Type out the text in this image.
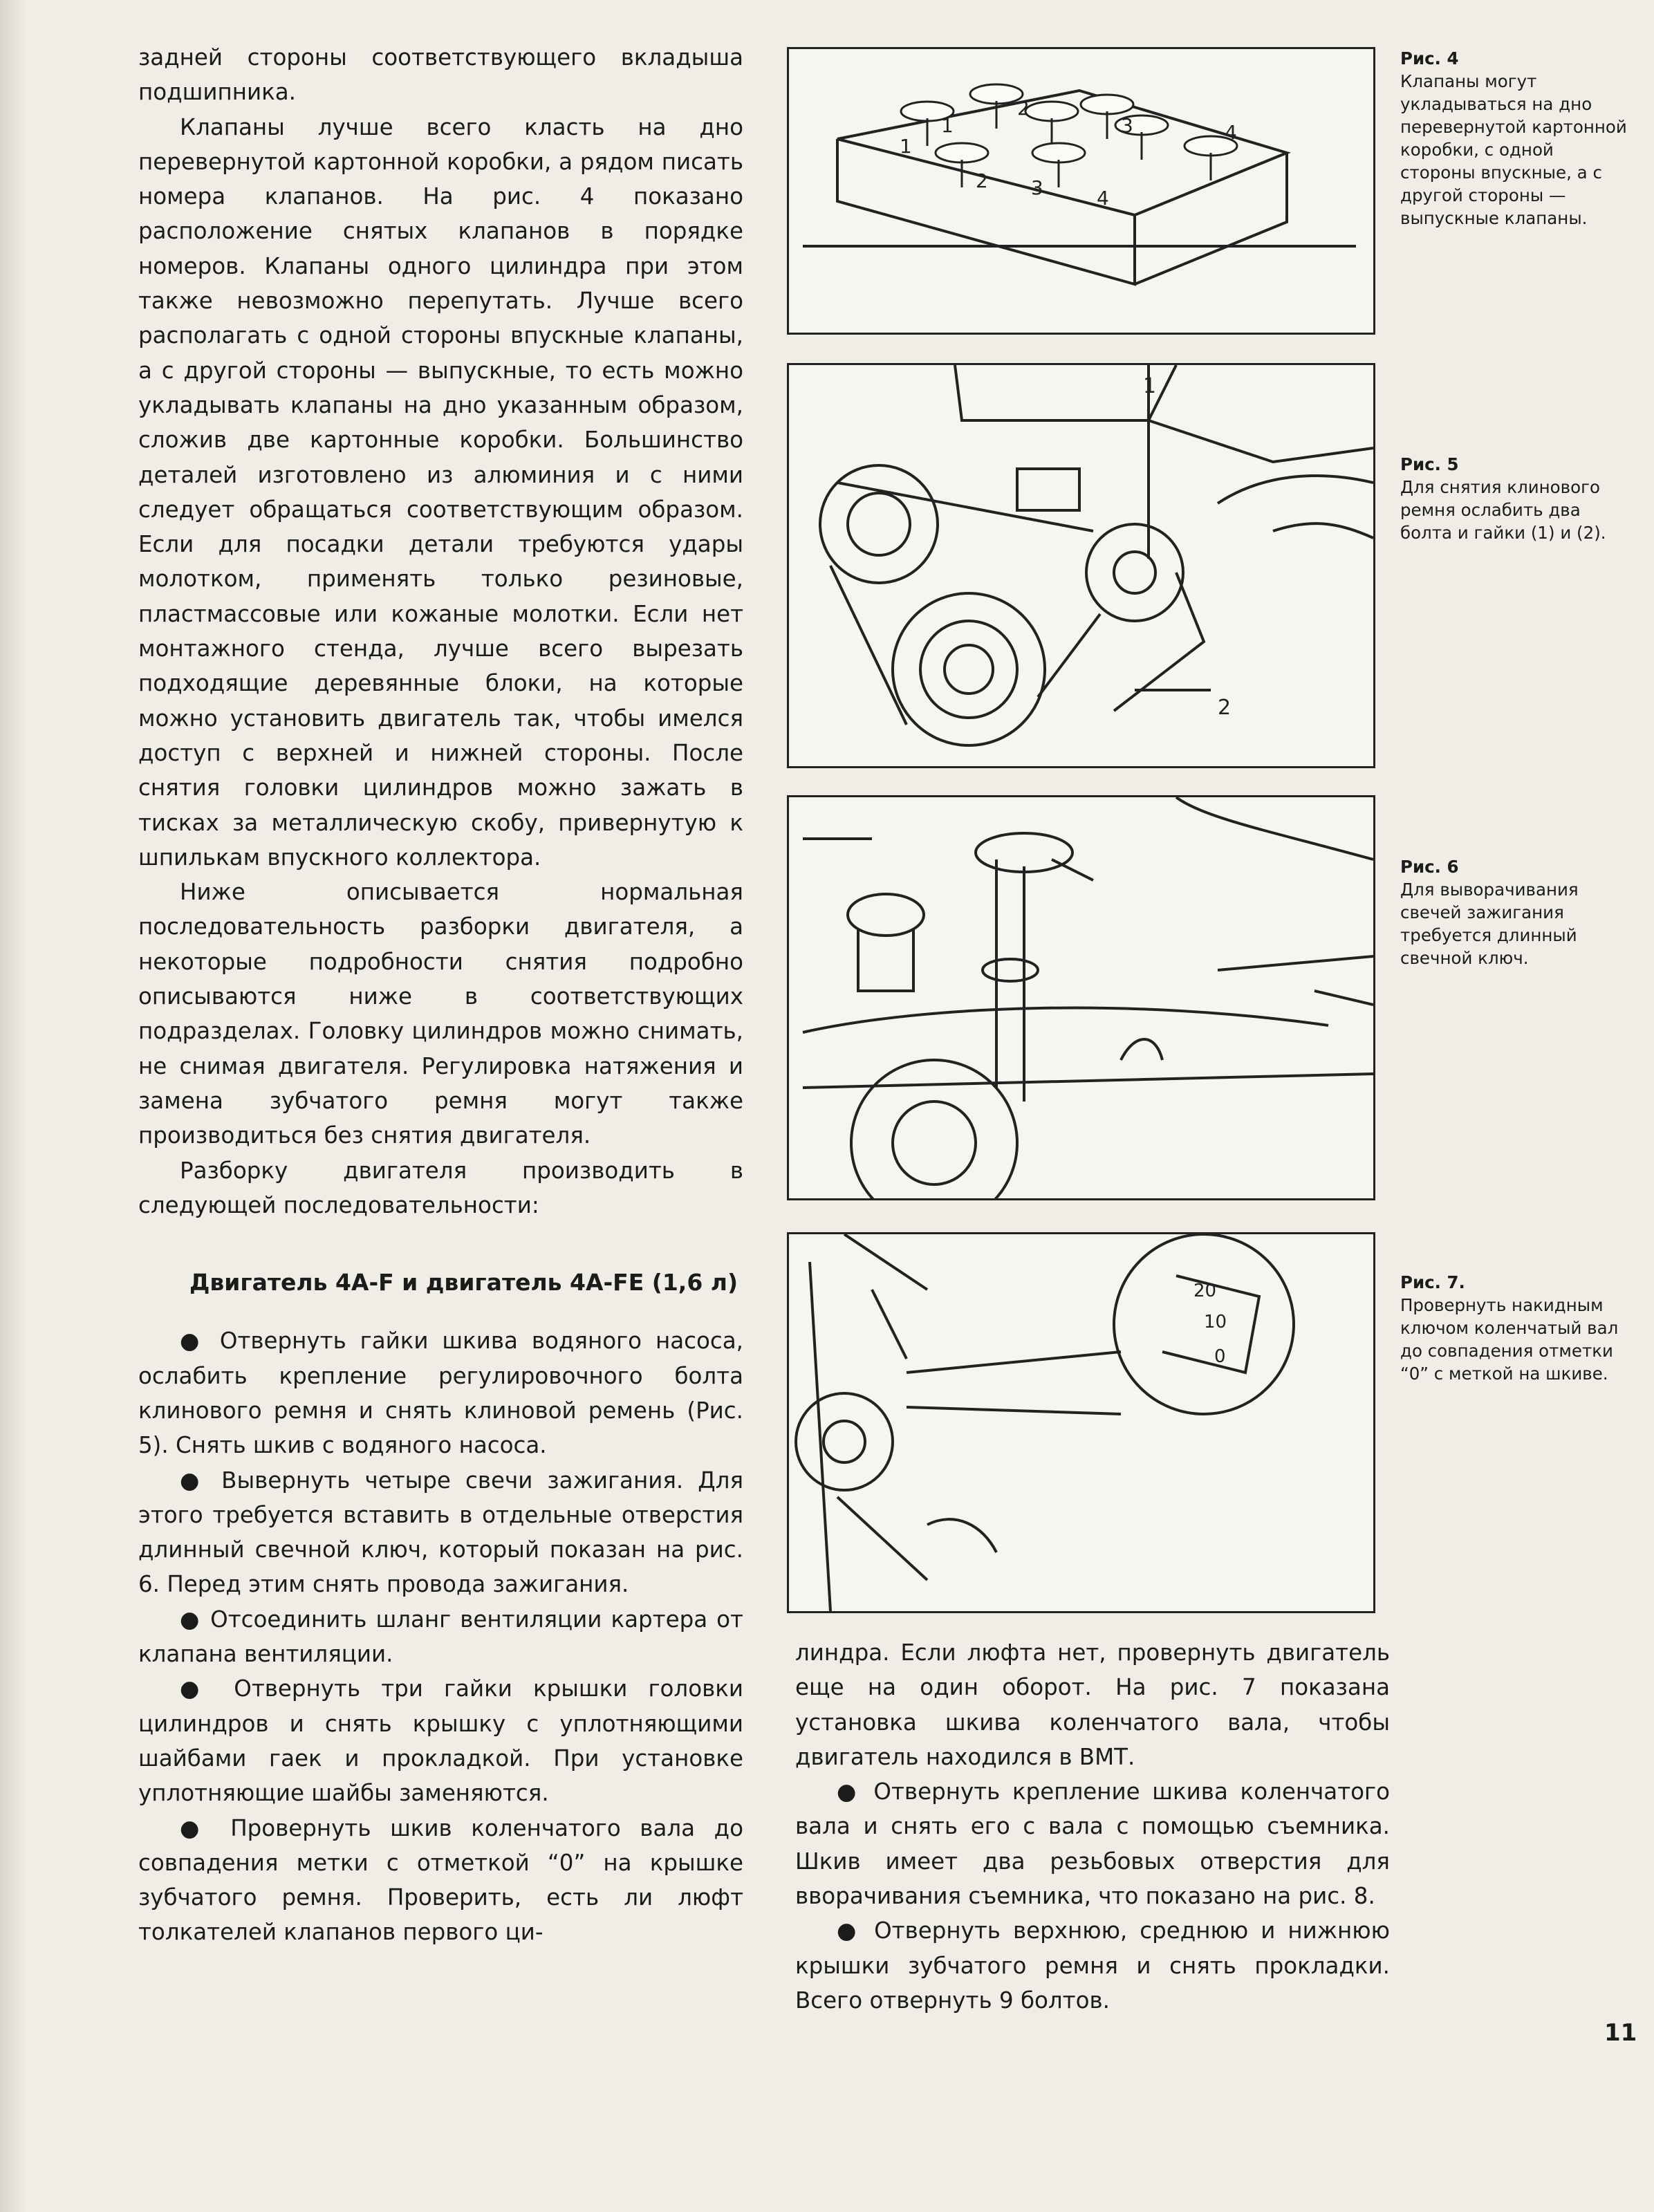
задней стороны соответствующего вкладыша подшипника.

Клапаны лучше всего класть на дно перевернутой картонной коробки, а рядом писать номера клапанов. На рис. 4 показано расположение снятых клапанов в порядке номеров. Клапаны одного цилиндра при этом также невозможно перепутать. Лучше всего располагать с одной стороны впускные клапаны, а с другой стороны — выпускные, то есть можно укладывать клапаны на дно указанным образом, сложив две картонные коробки. Большинство деталей изготовлено из алюминия и с ними следует обращаться соответствующим образом. Если для посадки детали требуются удары молотком, применять только резиновые, пластмассовые или кожаные молотки. Если нет монтажного стенда, лучше всего вырезать подходящие деревянные блоки, на которые можно установить двигатель так, чтобы имелся доступ с верхней и нижней стороны. После снятия головки цилиндров можно зажать в тисках за металлическую скобу, привернутую к шпилькам впускного коллектора.

Ниже описывается нормальная последовательность разборки двигателя, а некоторые подробности снятия подробно описываются ниже в соответствующих подразделах. Головку цилиндров можно снимать, не снимая двигателя. Регулировка натяжения и замена зубчатого ремня могут также производиться без снятия двигателя.

Разборку двигателя производить в следующей последовательности:

Двигатель 4A-F и двигатель 4A-FE (1,6 л)

● Отвернуть гайки шкива водяного насоса, ослабить крепление регулировочного болта клинового ремня и снять клиновой ремень (Рис. 5). Снять шкив с водяного насоса.

● Вывернуть четыре свечи зажигания. Для этого требуется вставить в отдельные отверстия длинный свечной ключ, который показан на рис. 6. Перед этим снять провода зажигания.

● Отсоединить шланг вентиляции картера от клапана вентиляции.

● Отвернуть три гайки крышки головки цилиндров и снять крышку с уплотняющими шайбами гаек и прокладкой. При установке уплотняющие шайбы заменяются.

● Провернуть шкив коленчатого вала до совпадения метки с отметкой “0” на крышке зубчатого ремня. Проверить, есть ли люфт толкателей клапанов первого ци-

1
2 3	4
1
2
3	4
Рис. 4
Клапаны могут укладываться на дно перевернутой картонной коробки, с одной стороны впускные, а с другой стороны — выпускные клапаны.
1
2
Рис. 5
Для снятия клинового ремня ослабить два болта и гайки (1) и (2).
Рис. 6
Для выворачивания свечей зажигания требуется длинный свечной ключ.
20
10
0
Рис. 7.
Провернуть накидным ключом коленчатый вал до совпадения отметки “0” с меткой на шкиве.

линдра. Если люфта нет, провернуть двигатель еще на один оборот. На рис. 7 показана установка шкива коленчатого вала, чтобы двигатель находился в ВМТ.

● Отвернуть крепление шкива коленчатого вала и снять его с вала с помощью съемника. Шкив имеет два резьбовых отверстия для вворачивания съемника, что показано на рис. 8.

● Отвернуть верхнюю, среднюю и нижнюю крышки зубчатого ремня и снять прокладки. Всего отвернуть 9 болтов.

11
